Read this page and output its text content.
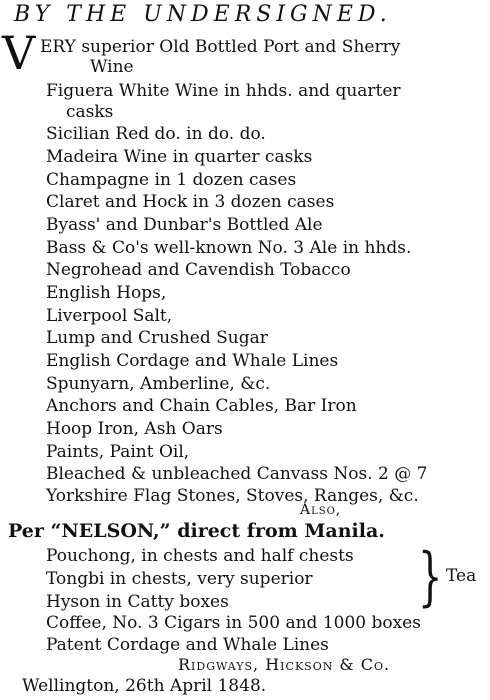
BY THE UNDERSIGNED.
V ERY superior Old Bottled Port and Sherry
Wine
Figuera White Wine in hhds. and quarter
casks
Sicilian Red do. in do. do.
Madeira Wine in quarter casks
Champagne in 1 dozen cases
Claret and Hock in 3 dozen cases
Byass' and Dunbar's Bottled Ale
Bass & Co's well-known No. 3 Ale in hhds.
Negrohead and Cavendish Tobacco
English Hops,
Liverpool Salt,
Lump and Crushed Sugar
English Cordage and Whale Lines
Spunyarn, Amberline, &c.
Anchors and Chain Cables, Bar Iron
Hoop Iron, Ash Oars
Paints, Paint Oil,
Bleached & unbleached Canvass Nos. 2 @ 7
Yorkshire Flag Stones, Stoves, Ranges, &c.
Also,
Per “NELSON,” direct from Manila.
Pouchong, in chests and half chests
Tongbi in chests, very superior
Hyson in Catty boxes	} Tea
Coffee, No. 3 Cigars in 500 and 1000 boxes
Patent Cordage and Whale Lines
Ridgways, Hickson & Co.
Wellington, 26th April 1848.
